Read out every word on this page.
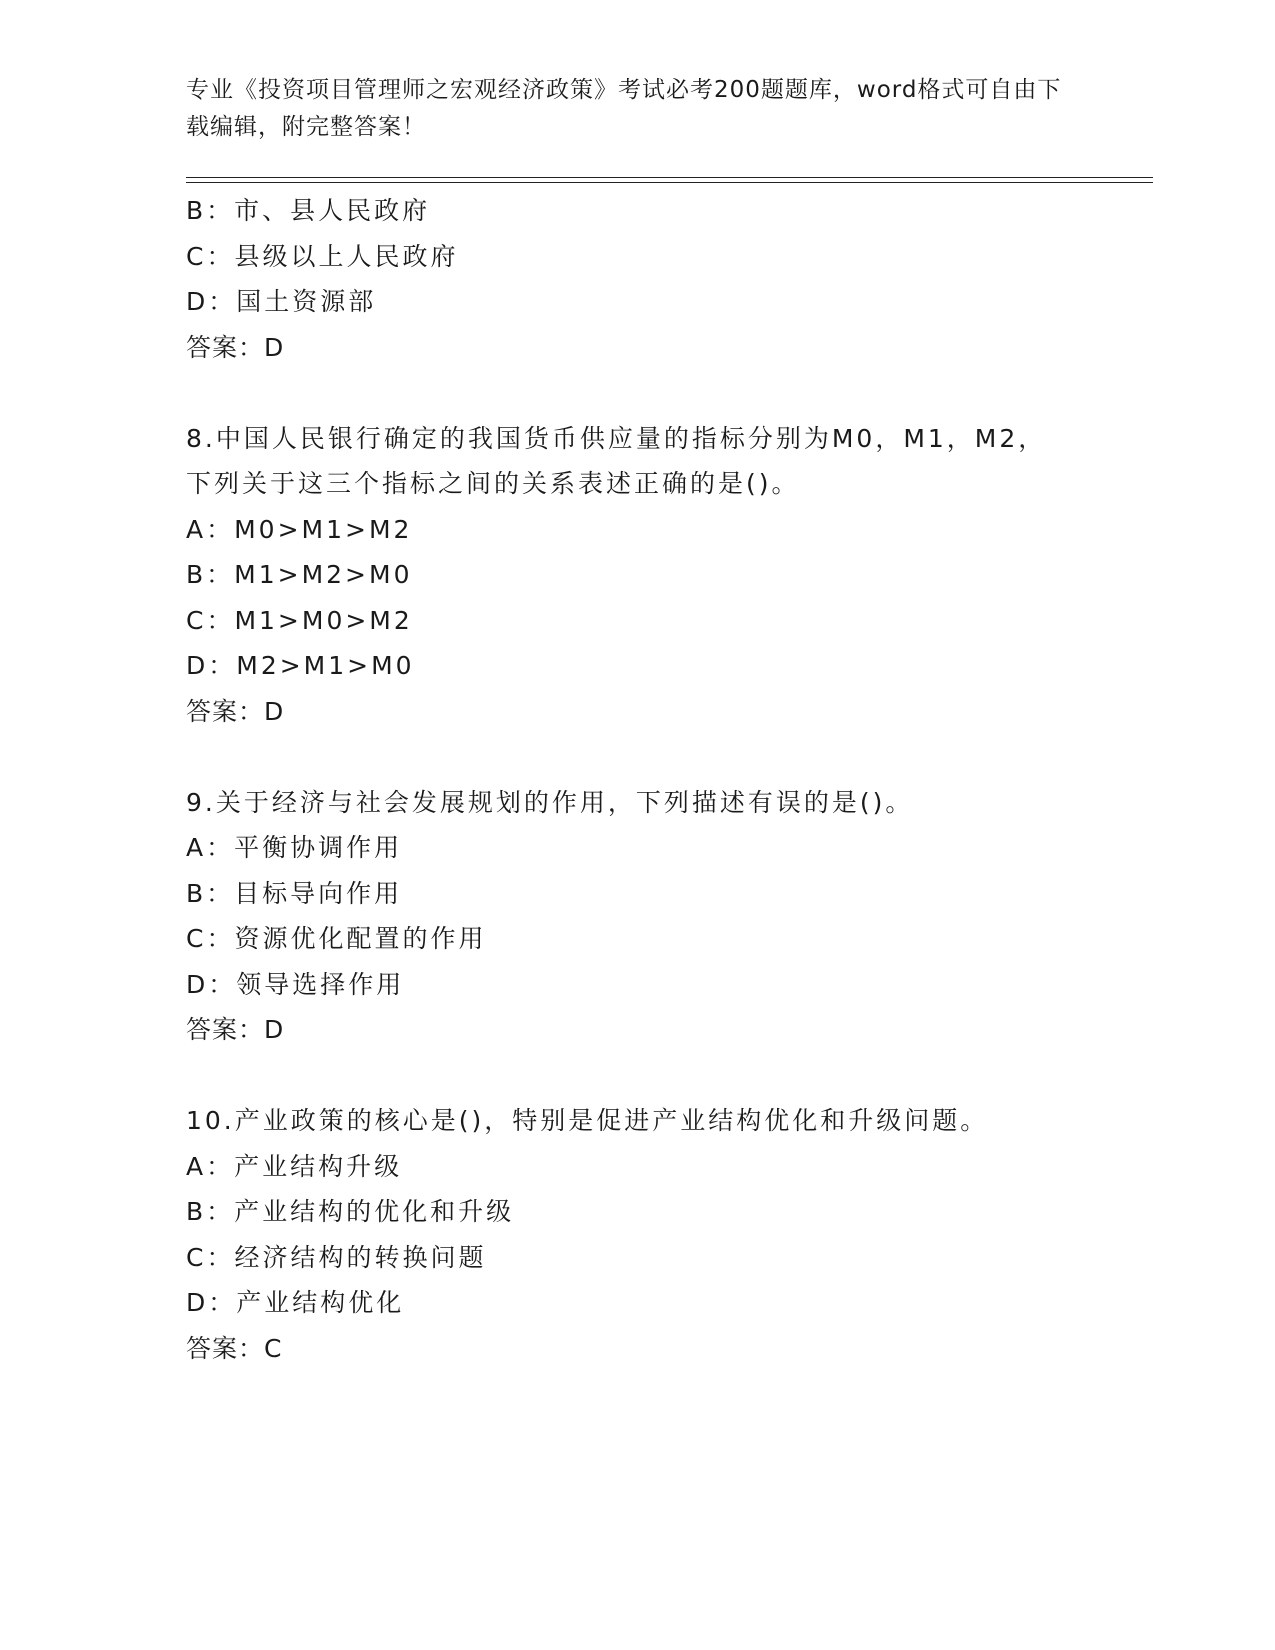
专业《投资项目管理师之宏观经济政策》考试必考200题题库，word格式可自由下载编辑，附完整答案！
B：市、县人民政府
C：县级以上人民政府
D：国土资源部
答案：D
8.中国人民银行确定的我国货币供应量的指标分别为M0，M1，M2，下列关于这三个指标之间的关系表述正确的是()。
A：M0>M1>M2
B：M1>M2>M0
C：M1>M0>M2
D：M2>M1>M0
答案：D
9.关于经济与社会发展规划的作用，下列描述有误的是()。
A：平衡协调作用
B：目标导向作用
C：资源优化配置的作用
D：领导选择作用
答案：D
10.产业政策的核心是()，特别是促进产业结构优化和升级问题。
A：产业结构升级
B：产业结构的优化和升级
C：经济结构的转换问题
D：产业结构优化
答案：C
